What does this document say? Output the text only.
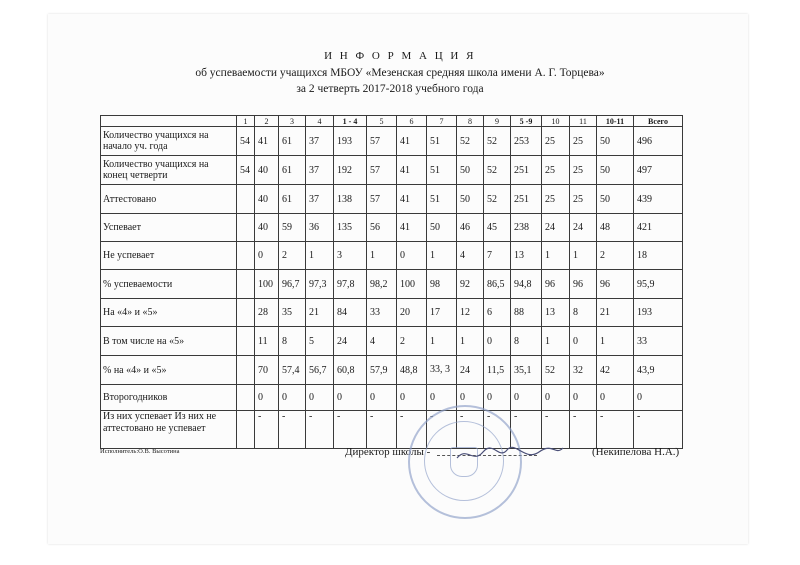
И Н Ф О Р М А Ц И Я
об успеваемости учащихся МБОУ «Мезенская средняя школа имени А. Г. Торцева»
за 2 четверть 2017-2018 учебного года
	1	2	3	4	1 - 4	5	6	7	8	9	5 -9	10	11	10-11	Всего
Количество учащихся на начало уч. года	54	41	61	37	193	57	41	51	52	52	253	25	25	50	496
Количество учащихся на конец четверти	54	40	61	37	192	57	41	51	50	52	251	25	25	50	497
Аттестовано		40	61	37	138	57	41	51	50	52	251	25	25	50	439
Успевает		40	59	36	135	56	41	50	46	45	238	24	24	48	421
Не успевает		0	2	1	3	1	0	1	4	7	13	1	1	2	18
% успеваемости		100	96,7	97,3	97,8	98,2	100	98	92	86,5	94,8	96	96	96	95,9
На «4» и «5»		28	35	21	84	33	20	17	12	6	88	13	8	21	193
В том числе на «5»		11	8	5	24	4	2	1	1	0	8	1	0	1	33
% на «4» и «5»		70	57,4	56,7	60,8	57,9	48,8	33, 3	24	11,5	35,1	52	32	42	43,9
Второгодников		0	0	0	0	0	0	0	0	0	0	0	0	0	0
Из них успевает Из них не аттестовано не успевает		-	-	-	-	-	-	-	-	-	-	-	-	-	-
Исполнитель:О.В. Высотина	Директор школы -	(Некипелова Н.А.)
